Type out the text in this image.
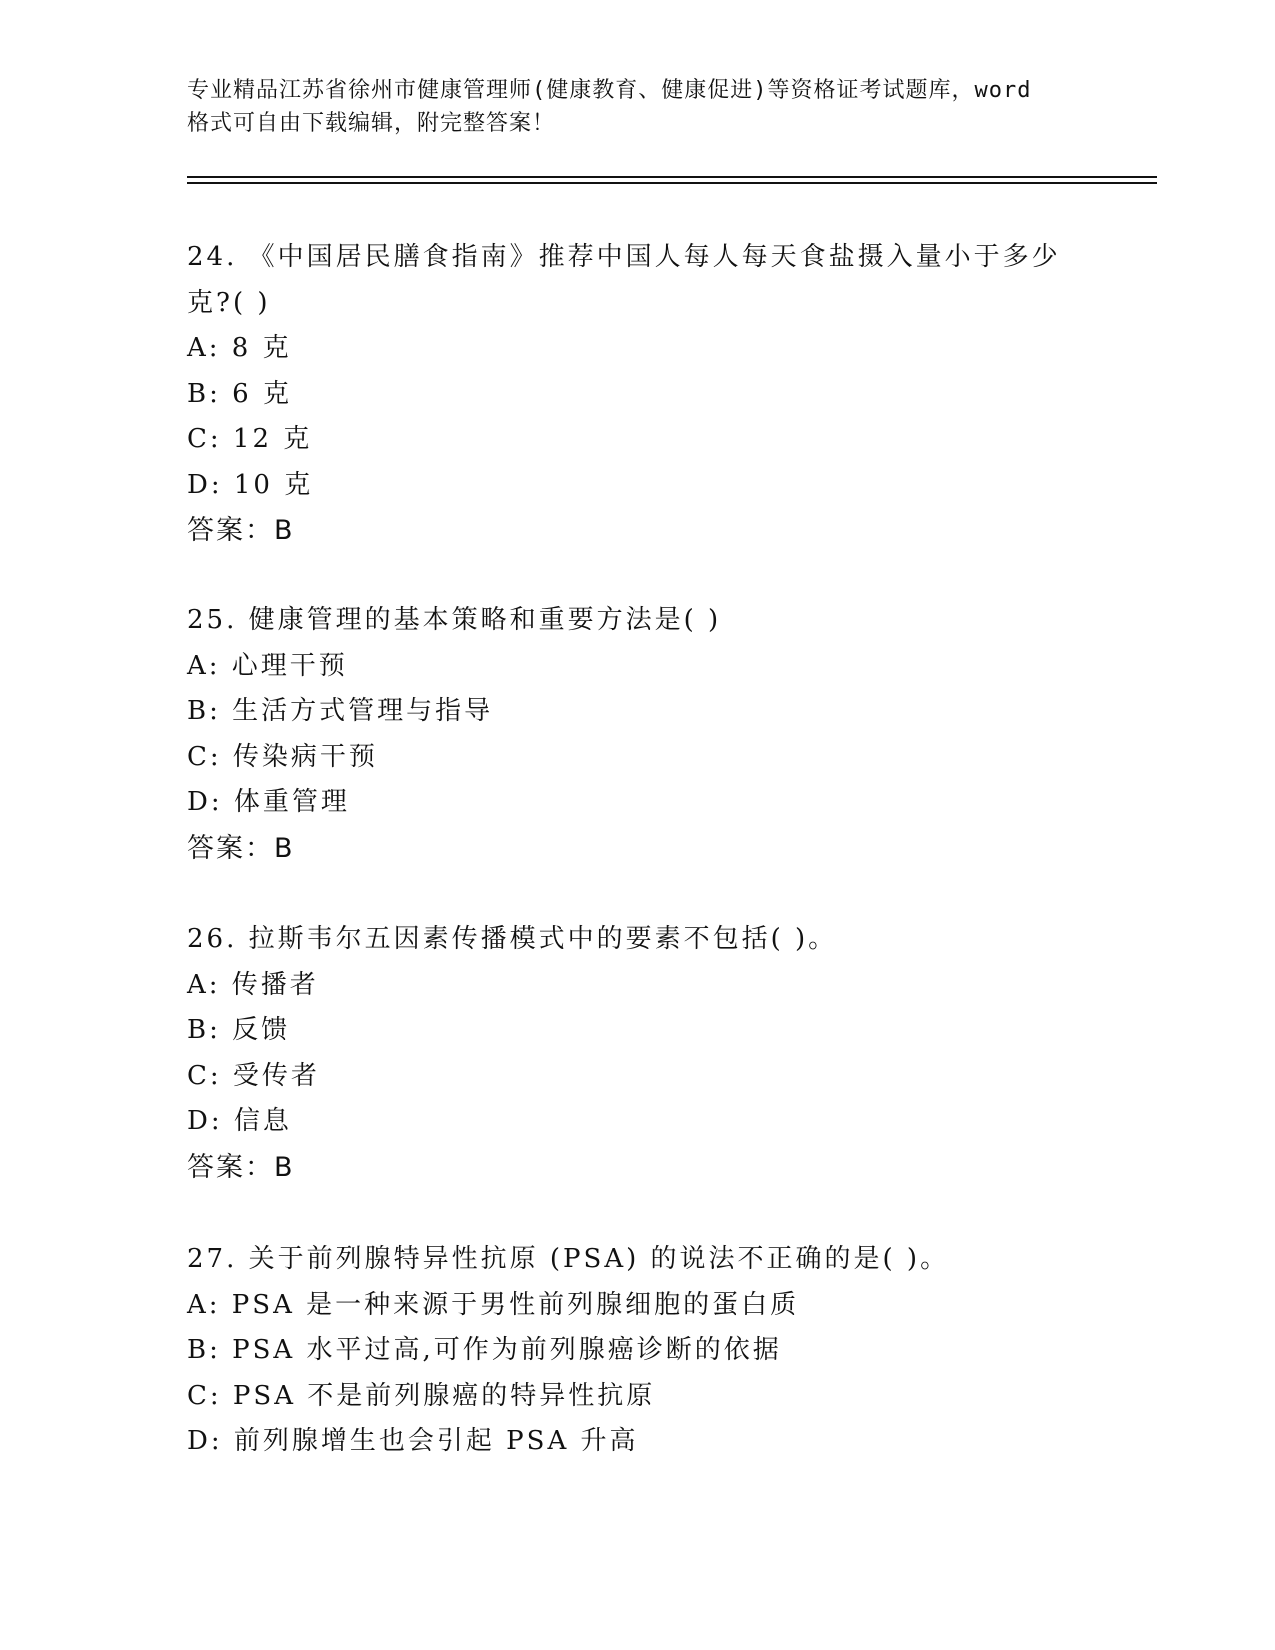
专业精品江苏省徐州市健康管理师(健康教育、健康促进)等资格证考试题库，word
格式可自由下载编辑，附完整答案！
24. 《中国居民膳食指南》推荐中国人每人每天食盐摄入量小于多少
克?( )
A: 8 克
B: 6 克
C: 12 克
D: 10 克
答案：B
25. 健康管理的基本策略和重要方法是( )
A: 心理干预
B: 生活方式管理与指导
C: 传染病干预
D: 体重管理
答案：B
26. 拉斯韦尔五因素传播模式中的要素不包括( )。
A: 传播者
B: 反馈
C: 受传者
D: 信息
答案：B
27. 关于前列腺特异性抗原 (PSA) 的说法不正确的是( )。
A: PSA 是一种来源于男性前列腺细胞的蛋白质
B: PSA 水平过高,可作为前列腺癌诊断的依据
C: PSA 不是前列腺癌的特异性抗原
D: 前列腺增生也会引起 PSA 升高
